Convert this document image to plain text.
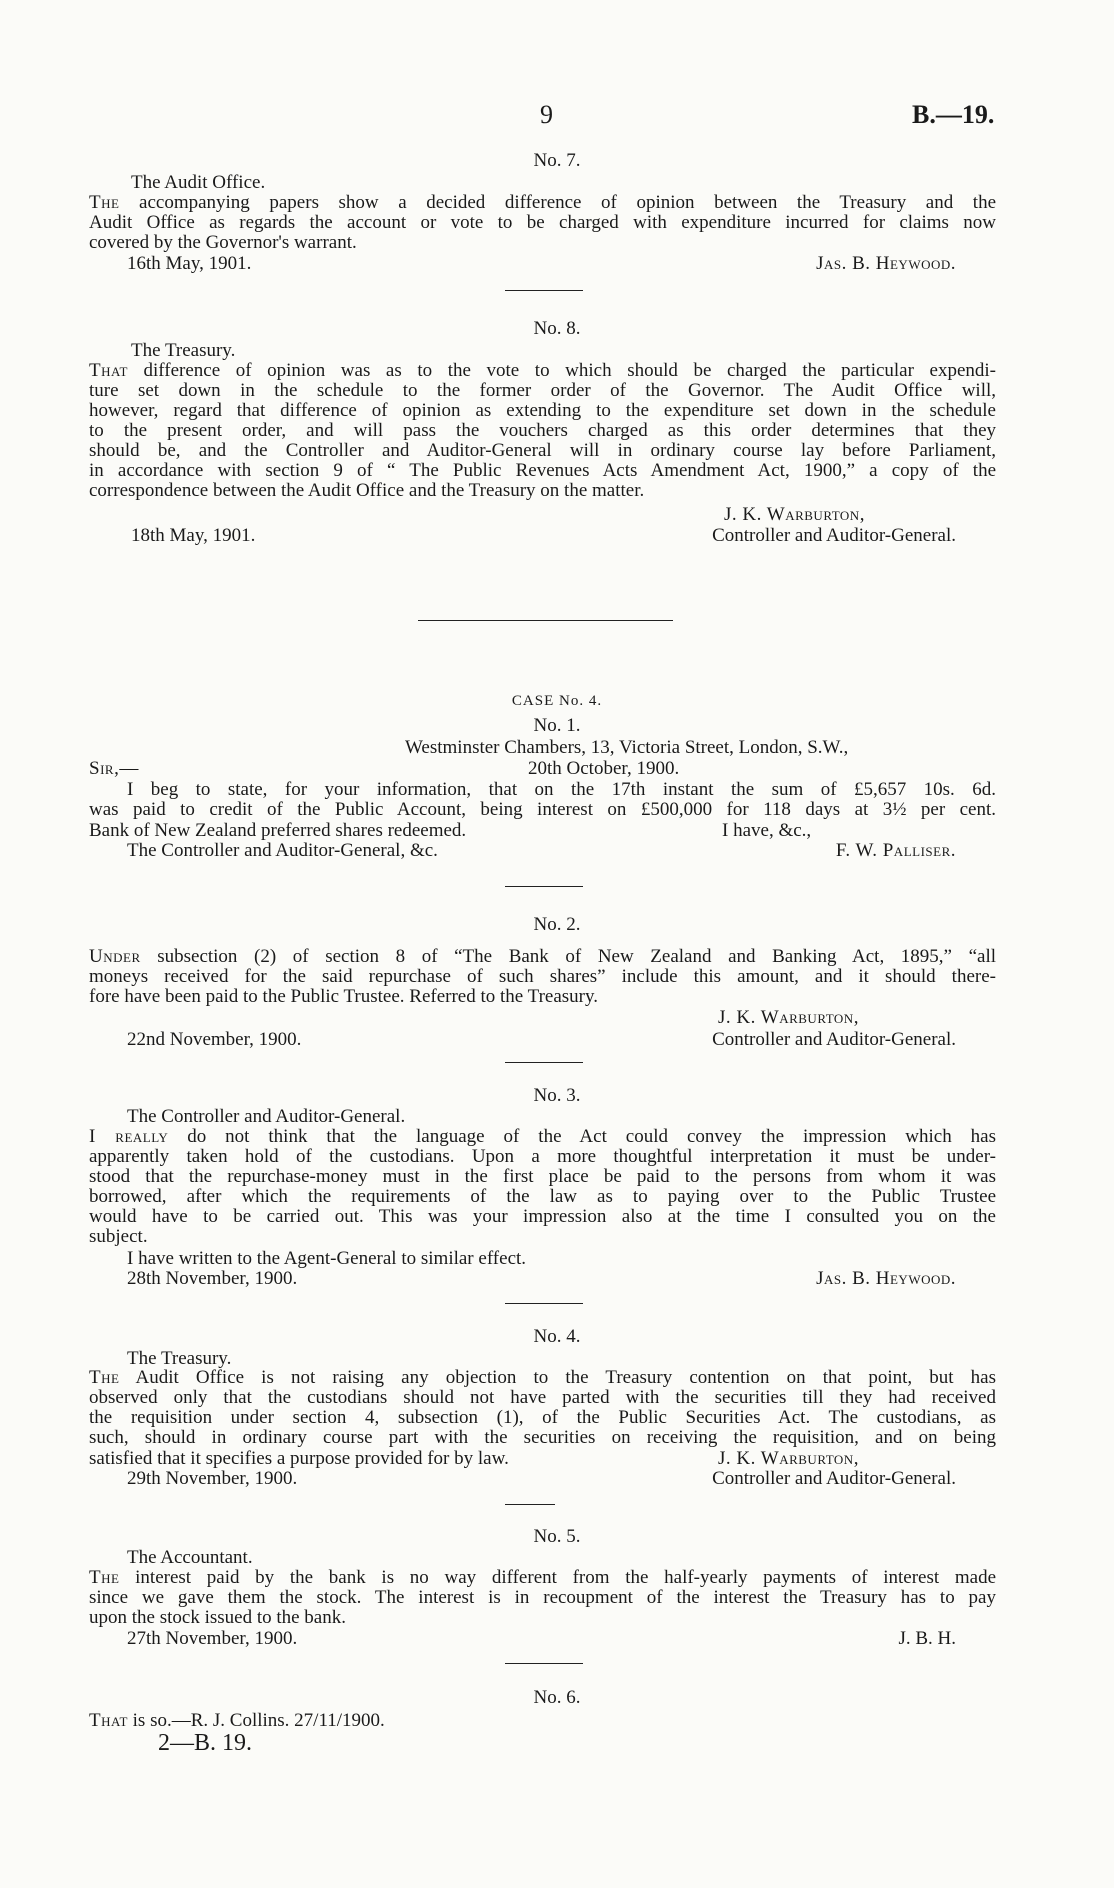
9	B.—19.
No. 7.
The Audit Office.
The accompanying papers show a decided difference of opinion between the Treasury and the
Audit Office as regards the account or vote to be charged with expenditure incurred for claims now
covered by the Governor's warrant.
16th May, 1901.	Jas. B. Heywood.
No. 8.
The Treasury.
That difference of opinion was as to the vote to which should be charged the particular expendi-
ture set down in the schedule to the former order of the Governor. The Audit Office will,
however, regard that difference of opinion as extending to the expenditure set down in the schedule
to the present order, and will pass the vouchers charged as this order determines that they
should be, and the Controller and Auditor-General will in ordinary course lay before Parliament,
in accordance with section 9 of “ The Public Revenues Acts Amendment Act, 1900,” a copy of the
correspondence between the Audit Office and the Treasury on the matter.
J. K. Warburton,
18th May, 1901.	Controller and Auditor-General.
CASE No. 4.
No. 1.
Westminster Chambers, 13, Victoria Street, London, S.W.,
Sir,—	20th October, 1900.
I beg to state, for your information, that on the 17th instant the sum of £5,657 10s. 6d.
was paid to credit of the Public Account, being interest on £500,000 for 118 days at 3½ per cent.
Bank of New Zealand preferred shares redeemed.	I have, &c.,
The Controller and Auditor-General, &c.	F. W. Palliser.
No. 2.
Under subsection (2) of section 8 of “The Bank of New Zealand and Banking Act, 1895,” “all
moneys received for the said repurchase of such shares” include this amount, and it should there-
fore have been paid to the Public Trustee. Referred to the Treasury.
J. K. Warburton,
22nd November, 1900.	Controller and Auditor-General.
No. 3.
The Controller and Auditor-General.
I really do not think that the language of the Act could convey the impression which has
apparently taken hold of the custodians. Upon a more thoughtful interpretation it must be under-
stood that the repurchase-money must in the first place be paid to the persons from whom it was
borrowed, after which the requirements of the law as to paying over to the Public Trustee
would have to be carried out. This was your impression also at the time I consulted you on the
subject.
I have written to the Agent-General to similar effect.
28th November, 1900.	Jas. B. Heywood.
No. 4.
The Treasury.
The Audit Office is not raising any objection to the Treasury contention on that point, but has
observed only that the custodians should not have parted with the securities till they had received
the requisition under section 4, subsection (1), of the Public Securities Act. The custodians, as
such, should in ordinary course part with the securities on receiving the requisition, and on being
satisfied that it specifies a purpose provided for by law.	J. K. Warburton,
29th November, 1900.	Controller and Auditor-General.
No. 5.
The Accountant.
The interest paid by the bank is no way different from the half-yearly payments of interest made
since we gave them the stock. The interest is in recoupment of the interest the Treasury has to pay
upon the stock issued to the bank.
27th November, 1900.	J. B. H.
No. 6.
That is so.—R. J. Collins. 27/11/1900.
2—B. 19.
